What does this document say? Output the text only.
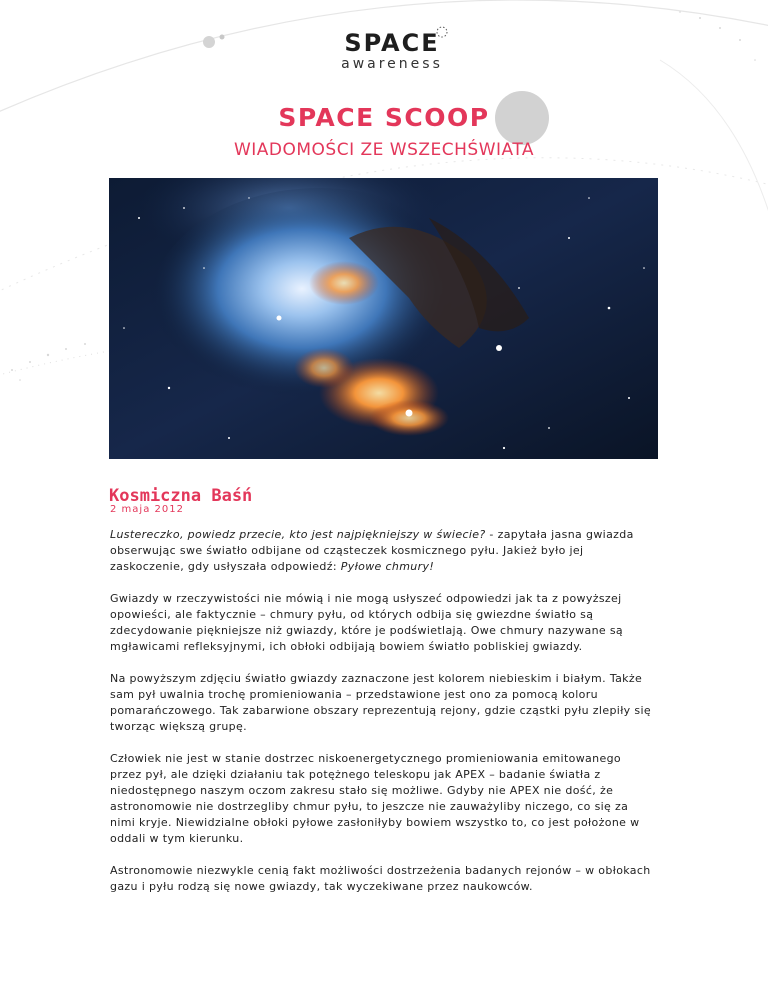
SPACE
awareness
SPACE SCOOP
WIADOMOŚCI ZE WSZECHŚWIATA
Kosmiczna Baśń
2 maja 2012

Lustereczko, powiedz przecie, kto jest najpiękniejszy w świecie? - zapytała jasna gwiazda obserwując swe światło odbijane od cząsteczek kosmicznego pyłu. Jakież było jej zaskoczenie, gdy usłyszała odpowiedź: Pyłowe chmury!

Gwiazdy w rzeczywistości nie mówią i nie mogą usłyszeć odpowiedzi jak ta z powyższej opowieści, ale faktycznie – chmury pyłu, od których odbija się gwiezdne światło są zdecydowanie piękniejsze niż gwiazdy, które je podświetlają. Owe chmury nazywane są mgławicami refleksyjnymi, ich obłoki odbijają bowiem światło pobliskiej gwiazdy.

Na powyższym zdjęciu światło gwiazdy zaznaczone jest kolorem niebieskim i białym. Także sam pył uwalnia trochę promieniowania – przedstawione jest ono za pomocą koloru pomarańczowego. Tak zabarwione obszary reprezentują rejony, gdzie cząstki pyłu zlepiły się tworząc większą grupę.

Człowiek nie jest w stanie dostrzec niskoenergetycznego promieniowania emitowanego przez pył, ale dzięki działaniu tak potężnego teleskopu jak APEX – badanie światła z niedostępnego naszym oczom zakresu stało się możliwe. Gdyby nie APEX nie dość, że astronomowie nie dostrzegliby chmur pyłu, to jeszcze nie zauważyliby niczego, co się za nimi kryje. Niewidzialne obłoki pyłowe zasłoniłyby bowiem wszystko to, co jest położone w oddali w tym kierunku.

Astronomowie niezwykle cenią fakt możliwości dostrzeżenia badanych rejonów – w obłokach gazu i pyłu rodzą się nowe gwiazdy, tak wyczekiwane przez naukowców.
